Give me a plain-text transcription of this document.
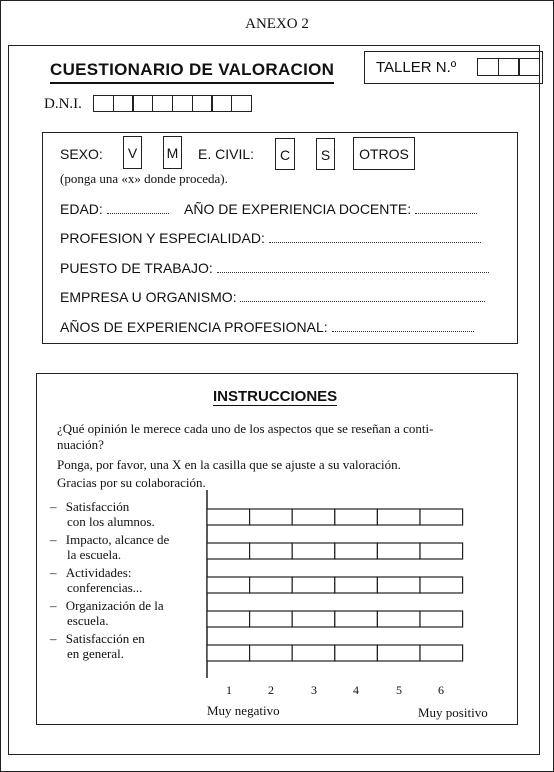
ANEXO 2
CUESTIONARIO DE VALORACION	TALLER N.º
D.N.I.
SEXO:	V	M E. CIVIL:	C	S	OTROS
(ponga una «x» donde proceda).
EDAD:	AÑO DE EXPERIENCIA DOCENTE:
PROFESION Y ESPECIALIDAD:
PUESTO DE TRABAJO:
EMPRESA U ORGANISMO:
AÑOS DE EXPERIENCIA PROFESIONAL:
INSTRUCCIONES
¿Qué opinión le merece cada uno de los aspectos que se reseñan a conti-
nuación?
Ponga, por favor, una X en la casilla que se ajuste a su valoración.
Gracias por su colaboración.
– Satisfacción
con los alumnos.
– Impacto, alcance de
la escuela.
– Actividades:
conferencias...
– Organización de la
escuela.
– Satisfacción en
en general.
1	2	3	4	5	6
Muy negativo	Muy positivo
